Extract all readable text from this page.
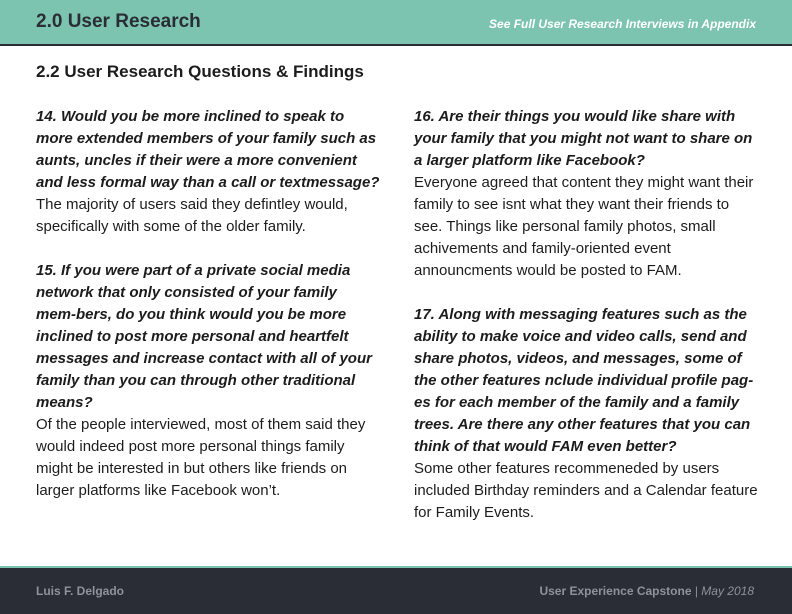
2.0 User Research	See Full User Research Interviews in Appendix
2.2 User Research Questions & Findings
14. Would you be more inclined to speak to more extended members of your family such as aunts, uncles if their were a more convenient and less formal way than a call or textmessage?
The majority of users said they defintley would, specifically with some of the older family.
15. If you were part of a private social media network that only consisted of your family mem-bers, do you think would you be more inclined to post more personal and heartfelt messages and increase contact with all of your family than you can through other traditional means?
Of the people interviewed, most of them said they would indeed post more personal things family might be interested in but others like friends on larger platforms like Facebook won’t.
16. Are their things you would like share with your family that you might not want to share on a larger platform like Facebook?
Everyone agreed that content they might want their family to see isnt what they want their friends to see. Things like personal family photos, small achivements and family-oriented event announcments would be posted to FAM.
17. Along with messaging features such as the ability to make voice and video calls, send and share photos, videos, and messages, some of the other features nclude individual profile pag-es for each member of the family and a family trees. Are there any other features that you can think of that would FAM even better?
Some other features recommeneded by users included Birthday reminders and a Calendar feature for Family Events.
Luis F. Delgado	User Experience Capstone | May 2018
